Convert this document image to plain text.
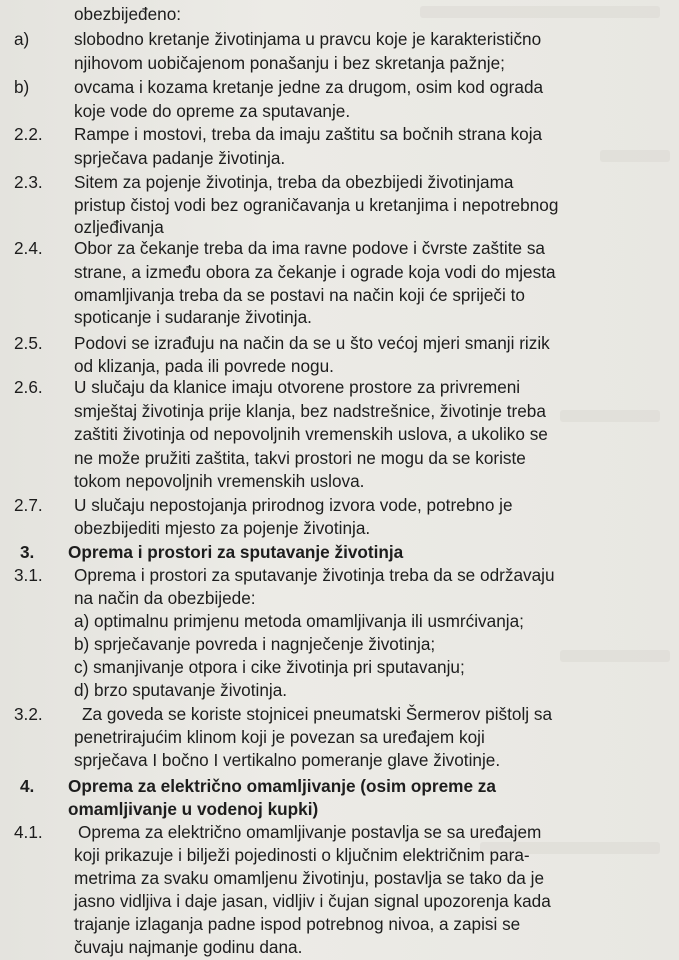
obezbijeđeno:
a)	slobodno kretanje životinjama u pravcu koje je karakteristično
njihovom uobičajenom ponašanju i bez skretanja pažnje;
b)	ovcama i kozama kretanje jedne za drugom, osim kod ograda
koje vode do opreme za sputavanje.
2.2. Rampe i mostovi, treba da imaju zaštitu sa bočnih strana koja
sprječava padanje životinja.
2.3. Sitem za pojenje životinja, treba da obezbijedi životinjama
pristup čistoj vodi bez ograničavanja u kretanjima i nepotrebnog
ozljeđivanja
2.4. Obor za čekanje treba da ima ravne podove i čvrste zaštite sa
strane, a između obora za čekanje i ograde koja vodi do mjesta
omamljivanja treba da se postavi na način koji će spriječi to
spoticanje i sudaranje životinja.
2.5. Podovi se izrađuju na način da se u što većoj mjeri smanji rizik
od klizanja, pada ili povrede nogu.
2.6. U slučaju da klanice imaju otvorene prostore za privremeni
smještaj životinja prije klanja, bez nadstrešnice, životinje treba
zaštiti životinja od nepovoljnih vremenskih uslova, a ukoliko se
ne može pružiti zaštita, takvi prostori ne mogu da se koriste
tokom nepovoljnih vremenskih uslova.
2.7. U slučaju nepostojanja prirodnog izvora vode, potrebno je
obezbijediti mjesto za pojenje životinja.
3. Oprema i prostori za sputavanje životinja
3.1. Oprema i prostori za sputavanje životinja treba da se održavaju
na način da obezbijede:
a) optimalnu primjenu metoda omamljivanja ili usmrćivanja;
b) sprječavanje povreda i nagnječenje životinja;
c) smanjivanje otpora i cike životinja pri sputavanju;
d) brzo sputavanje životinja.
3.2. Za goveda se koriste stojnicei pneumatski Šermerov pištolj sa
penetrirajućim klinom koji je povezan sa uređajem koji
sprječava I bočno I vertikalno pomeranje glave životinje.
4. Oprema za električno omamljivanje (osim opreme za
omamljivanje u vodenoj kupki)
4.1. Oprema za električno omamljivanje postavlja se sa uređajem
koji prikazuje i bilježi pojedinosti o ključnim električnim para-
metrima za svaku omamljenu životinju, postavlja se tako da je
jasno vidljiva i daje jasan, vidljiv i čujan signal upozorenja kada
trajanje izlaganja padne ispod potrebnog nivoa, a zapisi se
čuvaju najmanje godinu dana.
